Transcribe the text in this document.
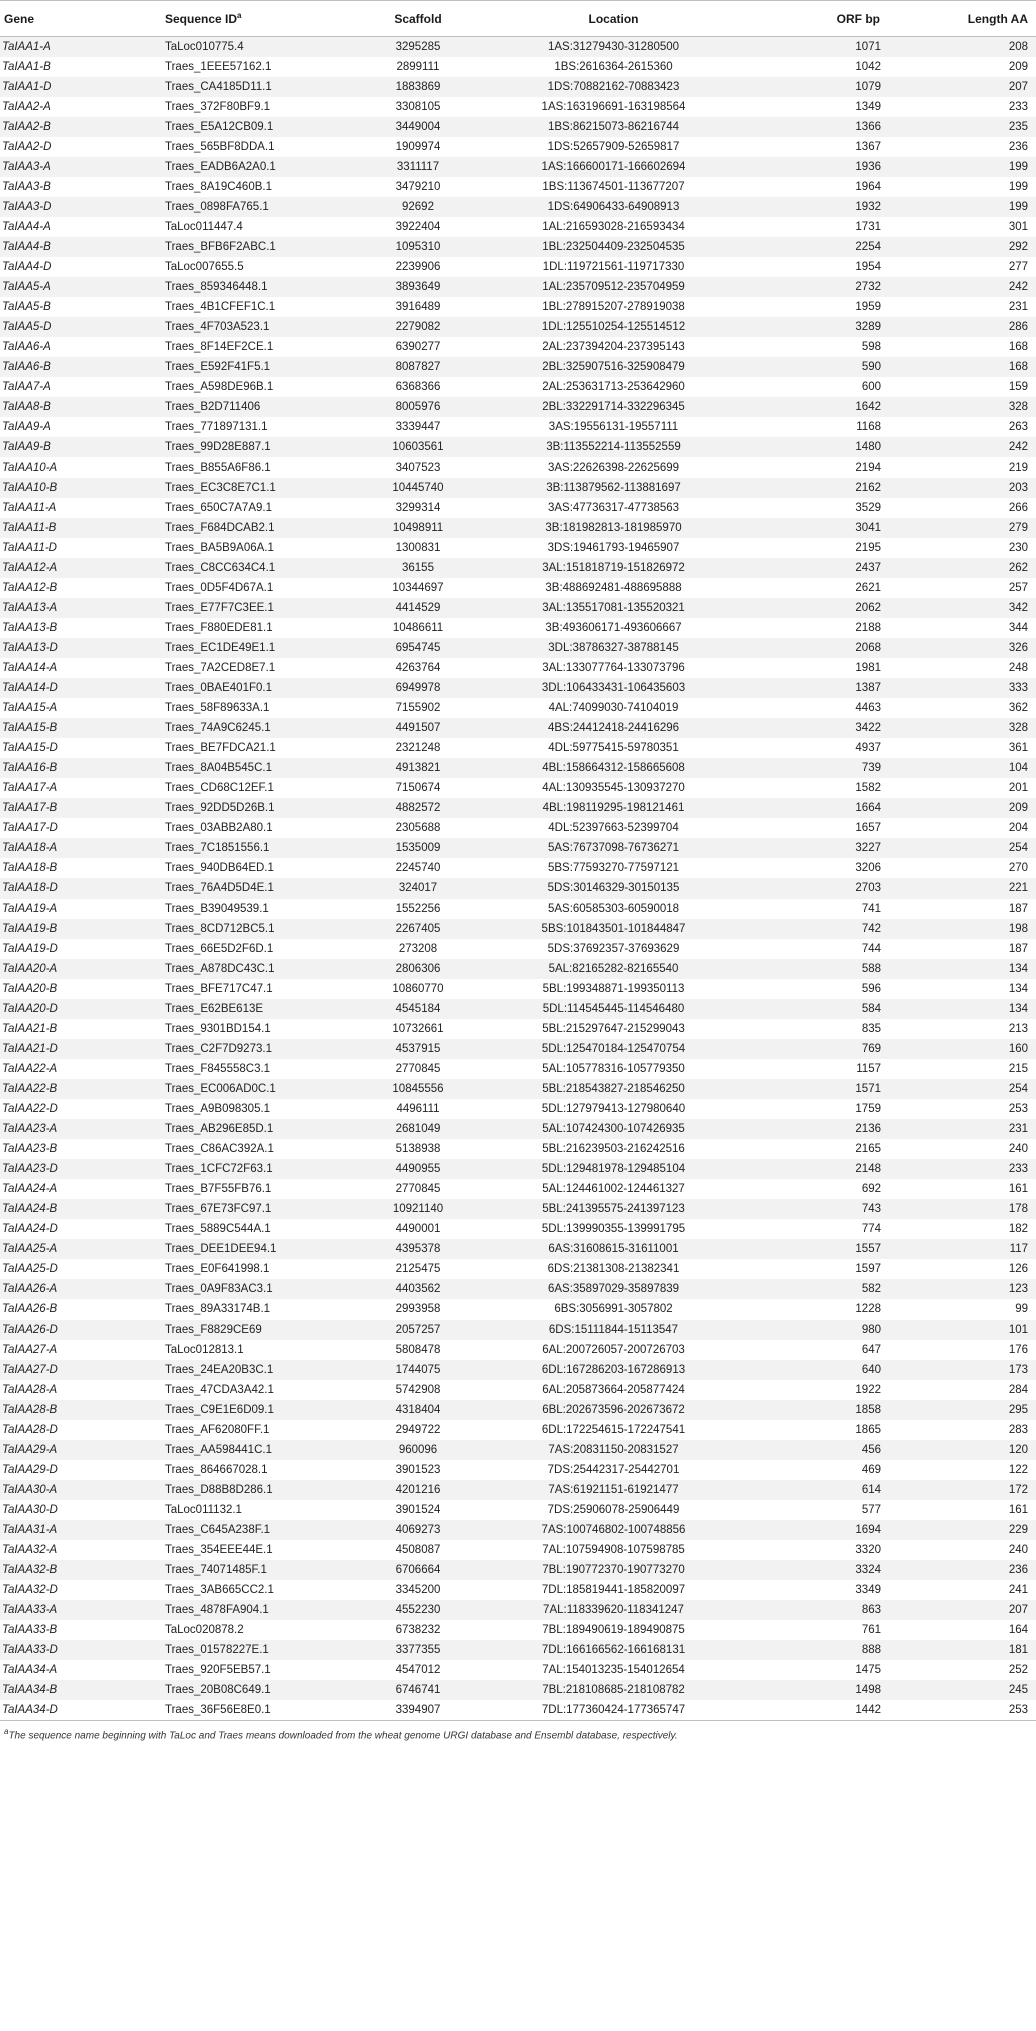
Gene	Sequence $ID^a$	Scaffold	Location	ORF bp	Length AA
TaIAA1-A	TaLoc010775.4	3295285	1AS:31279430-31280500	1071	208
TaIAA1-B	Traes_1EEE57162.1	2899111	1BS:2616364-2615360	1042	209
TaIAA1-D	Traes_CA4185D11.1	1883869	1DS:70882162-70883423	1079	207
TaIAA2-A	Traes_372F80BF9.1	3308105	1AS:163196691-163198564	1349	233
TaIAA2-B	Traes_E5A12CB09.1	3449004	1BS:86215073-86216744	1366	235
TaIAA2-D	Traes_565BF8DDA.1	1909974	1DS:52657909-52659817	1367	236
TaIAA3-A	Traes_EADB6A2A0.1	3311117	1AS:166600171-166602694	1936	199
TaIAA3-B	Traes_8A19C460B.1	3479210	1BS:113674501-113677207	1964	199
TaIAA3-D	Traes_0898FA765.1	92692	1DS:64906433-64908913	1932	199
TaIAA4-A	TaLoc011447.4	3922404	1AL:216593028-216593434	1731	301
TaIAA4-B	Traes_BFB6F2ABC.1	1095310	1BL:232504409-232504535	2254	292
TaIAA4-D	TaLoc007655.5	2239906	1DL:119721561-119717330	1954	277
TaIAA5-A	Traes_859346448.1	3893649	1AL:235709512-235704959	2732	242
TaIAA5-B	Traes_4B1CFEF1C.1	3916489	1BL:278915207-278919038	1959	231
TaIAA5-D	Traes_4F703A523.1	2279082	1DL:125510254-125514512	3289	286
TaIAA6-A	Traes_8F14EF2CE.1	6390277	2AL:237394204-237395143	598	168
TaIAA6-B	Traes_E592F41F5.1	8087827	2BL:325907516-325908479	590	168
TaIAA7-A	Traes_A598DE96B.1	6368366	2AL:253631713-253642960	600	159
TaIAA8-B	Traes_B2D711406	8005976	2BL:332291714-332296345	1642	328
TaIAA9-A	Traes_771897131.1	3339447	3AS:19556131-19557111	1168	263
TaIAA9-B	Traes_99D28E887.1	10603561	3B:113552214-113552559	1480	242
TaIAA10-A	Traes_B855A6F86.1	3407523	3AS:22626398-22625699	2194	219
TaIAA10-B	Traes_EC3C8E7C1.1	10445740	3B:113879562-113881697	2162	203
TaIAA11-A	Traes_650C7A7A9.1	3299314	3AS:47736317-47738563	3529	266
TaIAA11-B	Traes_F684DCAB2.1	10498911	3B:181982813-181985970	3041	279
TaIAA11-D	Traes_BA5B9A06A.1	1300831	3DS:19461793-19465907	2195	230
TaIAA12-A	Traes_C8CC634C4.1	36155	3AL:151818719-151826972	2437	262
TaIAA12-B	Traes_0D5F4D67A.1	10344697	3B:488692481-488695888	2621	257
TaIAA13-A	Traes_E77F7C3EE.1	4414529	3AL:135517081-135520321	2062	342
TaIAA13-B	Traes_F880EDE81.1	10486611	3B:493606171-493606667	2188	344
TaIAA13-D	Traes_EC1DE49E1.1	6954745	3DL:38786327-38788145	2068	326
TaIAA14-A	Traes_7A2CED8E7.1	4263764	3AL:133077764-133073796	1981	248
TaIAA14-D	Traes_0BAE401F0.1	6949978	3DL:106433431-106435603	1387	333
TaIAA15-A	Traes_58F89633A.1	7155902	4AL:74099030-74104019	4463	362
TaIAA15-B	Traes_74A9C6245.1	4491507	4BS:24412418-24416296	3422	328
TaIAA15-D	Traes_BE7FDCA21.1	2321248	4DL:59775415-59780351	4937	361
TaIAA16-B	Traes_8A04B545C.1	4913821	4BL:158664312-158665608	739	104
TaIAA17-A	Traes_CD68C12EF.1	7150674	4AL:130935545-130937270	1582	201
TaIAA17-B	Traes_92DD5D26B.1	4882572	4BL:198119295-198121461	1664	209
TaIAA17-D	Traes_03ABB2A80.1	2305688	4DL:52397663-52399704	1657	204
TaIAA18-A	Traes_7C1851556.1	1535009	5AS:76737098-76736271	3227	254
TaIAA18-B	Traes_940DB64ED.1	2245740	5BS:77593270-77597121	3206	270
TaIAA18-D	Traes_76A4D5D4E.1	324017	5DS:30146329-30150135	2703	221
TaIAA19-A	Traes_B39049539.1	1552256	5AS:60585303-60590018	741	187
TaIAA19-B	Traes_8CD712BC5.1	2267405	5BS:101843501-101844847	742	198
TaIAA19-D	Traes_66E5D2F6D.1	273208	5DS:37692357-37693629	744	187
TaIAA20-A	Traes_A878DC43C.1	2806306	5AL:82165282-82165540	588	134
TaIAA20-B	Traes_BFE717C47.1	10860770	5BL:199348871-199350113	596	134
TaIAA20-D	Traes_E62BE613E	4545184	5DL:114545445-114546480	584	134
TaIAA21-B	Traes_9301BD154.1	10732661	5BL:215297647-215299043	835	213
TaIAA21-D	Traes_C2F7D9273.1	4537915	5DL:125470184-125470754	769	160
TaIAA22-A	Traes_F845558C3.1	2770845	5AL:105778316-105779350	1157	215
TaIAA22-B	Traes_EC006AD0C.1	10845556	5BL:218543827-218546250	1571	254
TaIAA22-D	Traes_A9B098305.1	4496111	5DL:127979413-127980640	1759	253
TaIAA23-A	Traes_AB296E85D.1	2681049	5AL:107424300-107426935	2136	231
TaIAA23-B	Traes_C86AC392A.1	5138938	5BL:216239503-216242516	2165	240
TaIAA23-D	Traes_1CFC72F63.1	4490955	5DL:129481978-129485104	2148	233
TaIAA24-A	Traes_B7F55FB76.1	2770845	5AL:124461002-124461327	692	161
TaIAA24-B	Traes_67E73FC97.1	10921140	5BL:241395575-241397123	743	178
TaIAA24-D	Traes_5889C544A.1	4490001	5DL:139990355-139991795	774	182
TaIAA25-A	Traes_DEE1DEE94.1	4395378	6AS:31608615-31611001	1557	117
TaIAA25-D	Traes_E0F641998.1	2125475	6DS:21381308-21382341	1597	126
TaIAA26-A	Traes_0A9F83AC3.1	4403562	6AS:35897029-35897839	582	123
TaIAA26-B	Traes_89A33174B.1	2993958	6BS:3056991-3057802	1228	99
TaIAA26-D	Traes_F8829CE69	2057257	6DS:15111844-15113547	980	101
TaIAA27-A	TaLoc012813.1	5808478	6AL:200726057-200726703	647	176
TaIAA27-D	Traes_24EA20B3C.1	1744075	6DL:167286203-167286913	640	173
TaIAA28-A	Traes_47CDA3A42.1	5742908	6AL:205873664-205877424	1922	284
TaIAA28-B	Traes_C9E1E6D09.1	4318404	6BL:202673596-202673672	1858	295
TaIAA28-D	Traes_AF62080FF.1	2949722	6DL:172254615-172247541	1865	283
TaIAA29-A	Traes_AA598441C.1	960096	7AS:20831150-20831527	456	120
TaIAA29-D	Traes_864667028.1	3901523	7DS:25442317-25442701	469	122
TaIAA30-A	Traes_D88B8D286.1	4201216	7AS:61921151-61921477	614	172
TaIAA30-D	TaLoc011132.1	3901524	7DS:25906078-25906449	577	161
TaIAA31-A	Traes_C645A238F.1	4069273	7AS:100746802-100748856	1694	229
TaIAA32-A	Traes_354EEE44E.1	4508087	7AL:107594908-107598785	3320	240
TaIAA32-B	Traes_74071485F.1	6706664	7BL:190772370-190773270	3324	236
TaIAA32-D	Traes_3AB665CC2.1	3345200	7DL:185819441-185820097	3349	241
TaIAA33-A	Traes_4878FA904.1	4552230	7AL:118339620-118341247	863	207
TaIAA33-B	TaLoc020878.2	6738232	7BL:189490619-189490875	761	164
TaIAA33-D	Traes_01578227E.1	3377355	7DL:166166562-166168131	888	181
TaIAA34-A	Traes_920F5EB57.1	4547012	7AL:154013235-154012654	1475	252
TaIAA34-B	Traes_20B08C649.1	6746741	7BL:218108685-218108782	1498	245
TaIAA34-D	Traes_36F56E8E0.1	3394907	7DL:177360424-177365747	1442	253
$^a$The sequence name beginning with TaLoc and Traes means downloaded from the wheat genome URGI database and Ensembl database, respectively.
